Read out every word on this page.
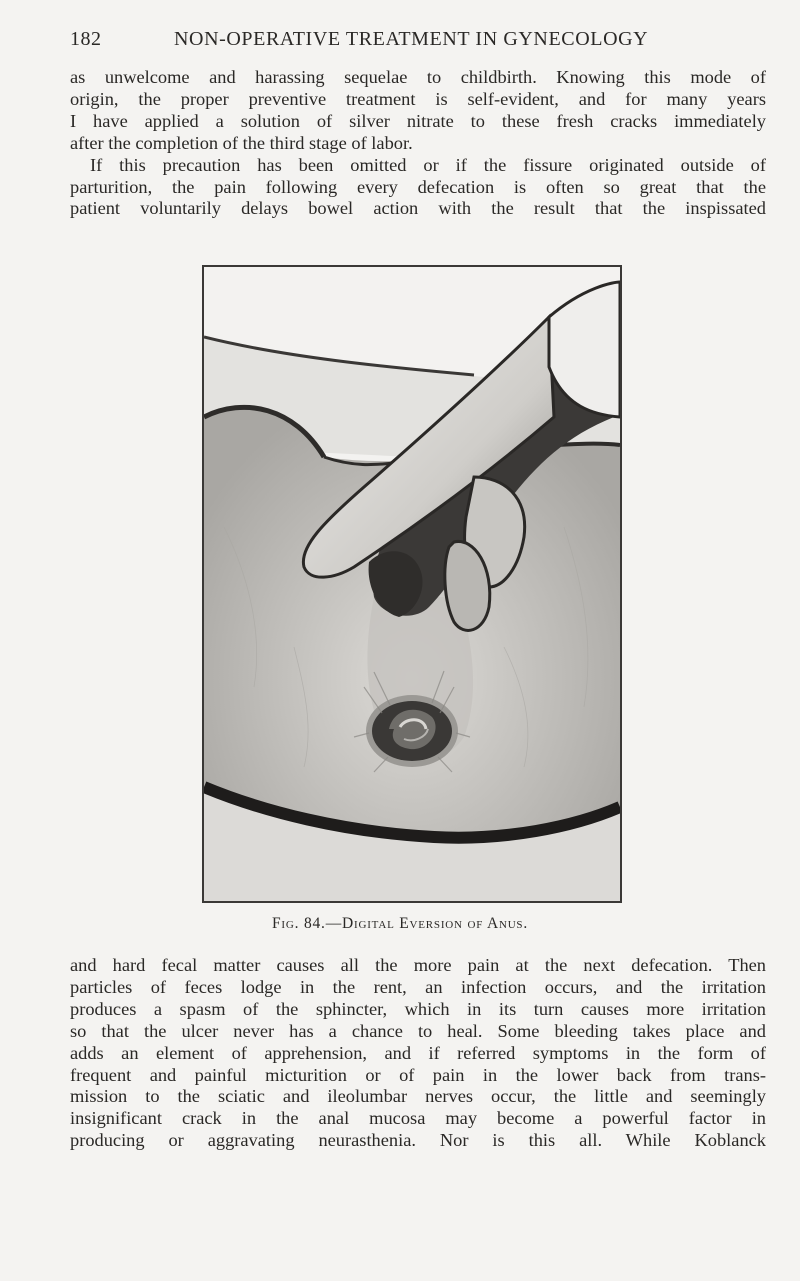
182	NON-OPERATIVE TREATMENT IN GYNECOLOGY
as unwelcome and harassing sequelae to childbirth. Knowing this mode of
origin, the proper preventive treatment is self-evident, and for many years
I have applied a solution of silver nitrate to these fresh cracks immediately
after the completion of the third stage of labor.
If this precaution has been omitted or if the fissure originated outside of
parturition, the pain following every defecation is often so great that the
patient voluntarily delays bowel action with the result that the inspissated
Fig. 84.—Digital Eversion of Anus.
and hard fecal matter causes all the more pain at the next defecation. Then
particles of feces lodge in the rent, an infection occurs, and the irritation
produces a spasm of the sphincter, which in its turn causes more irritation
so that the ulcer never has a chance to heal. Some bleeding takes place and
adds an element of apprehension, and if referred symptoms in the form of
frequent and painful micturition or of pain in the lower back from trans-
mission to the sciatic and ileolumbar nerves occur, the little and seemingly
insignificant crack in the anal mucosa may become a powerful factor in
producing or aggravating neurasthenia. Nor is this all. While Koblanck
